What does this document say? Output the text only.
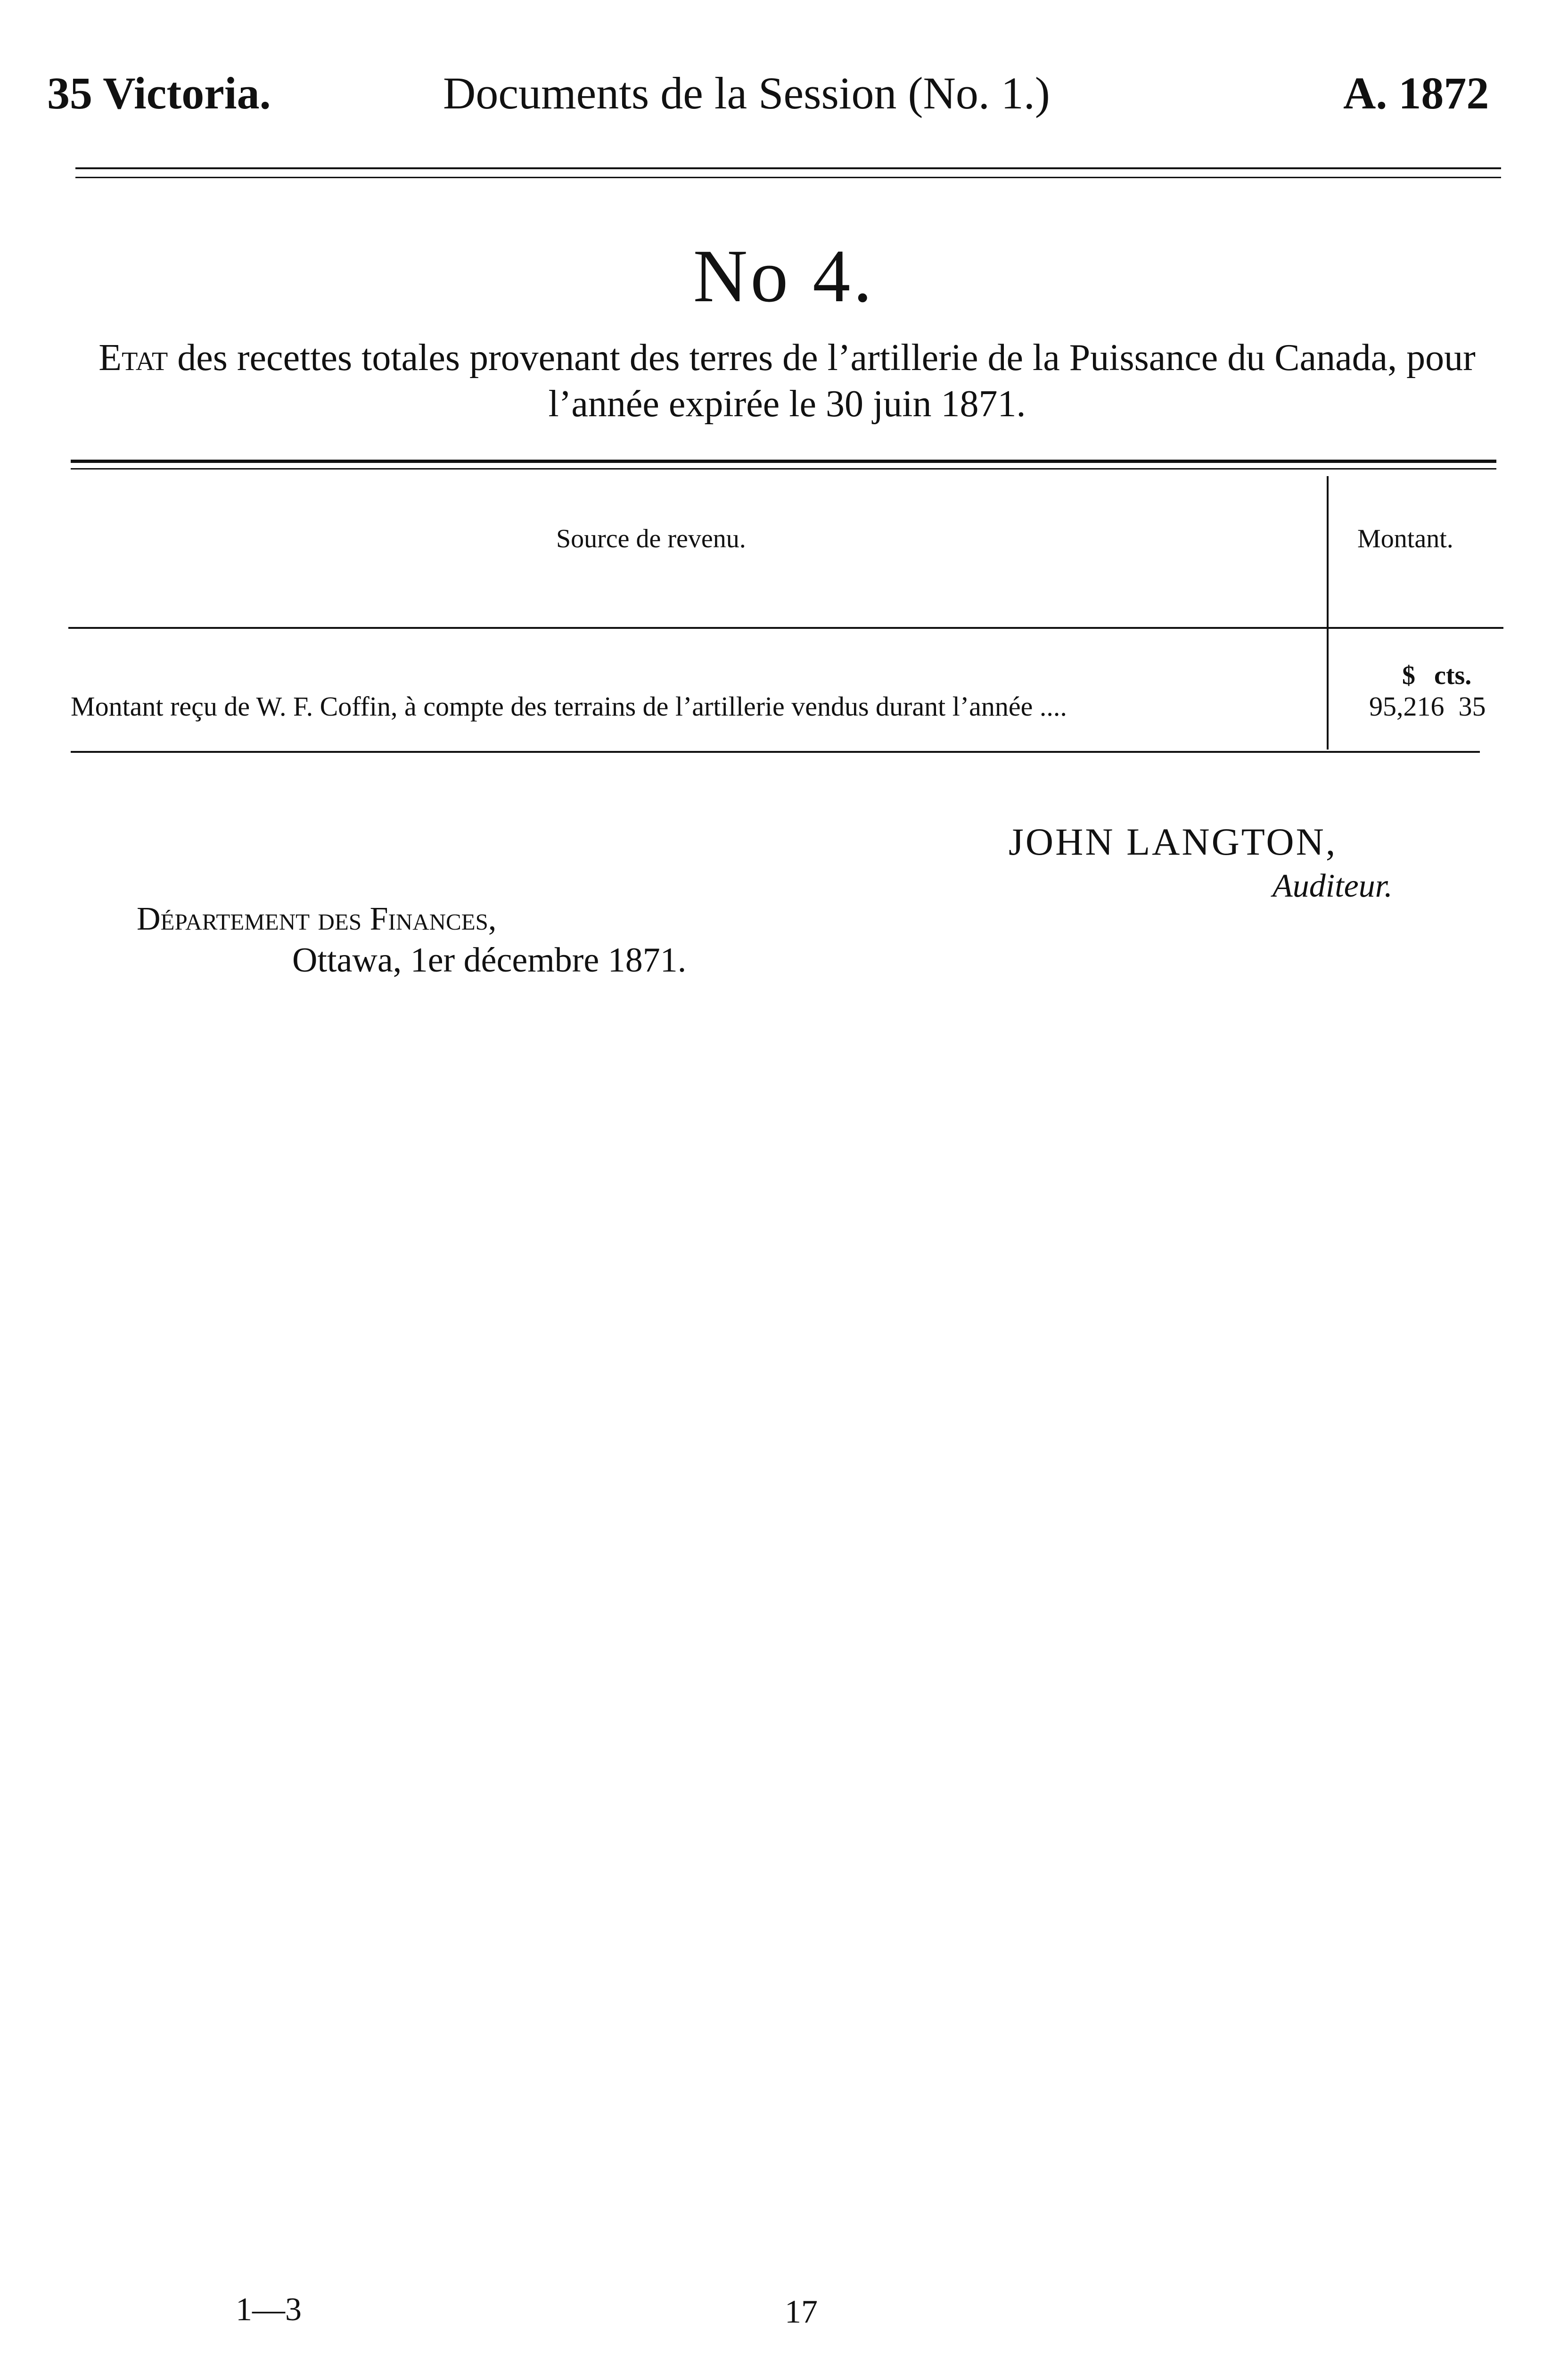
35 Victoria.	Documents de la Session (No. 1.)	A. 1872
No 4.
Etat des recettes totales provenant des terres de l’artillerie de la Puissance du Canada, pour l’année expirée le 30 juin 1871.
Source de revenu.	Montant.
$ cts.
Montant reçu de W. F. Coffin, à compte des terrains de l’artillerie vendus durant l’année ....	95,216 35
JOHN LANGTON,
Auditeur.
Département des Finances,
Ottawa, 1er décembre 1871.
1—3	17
